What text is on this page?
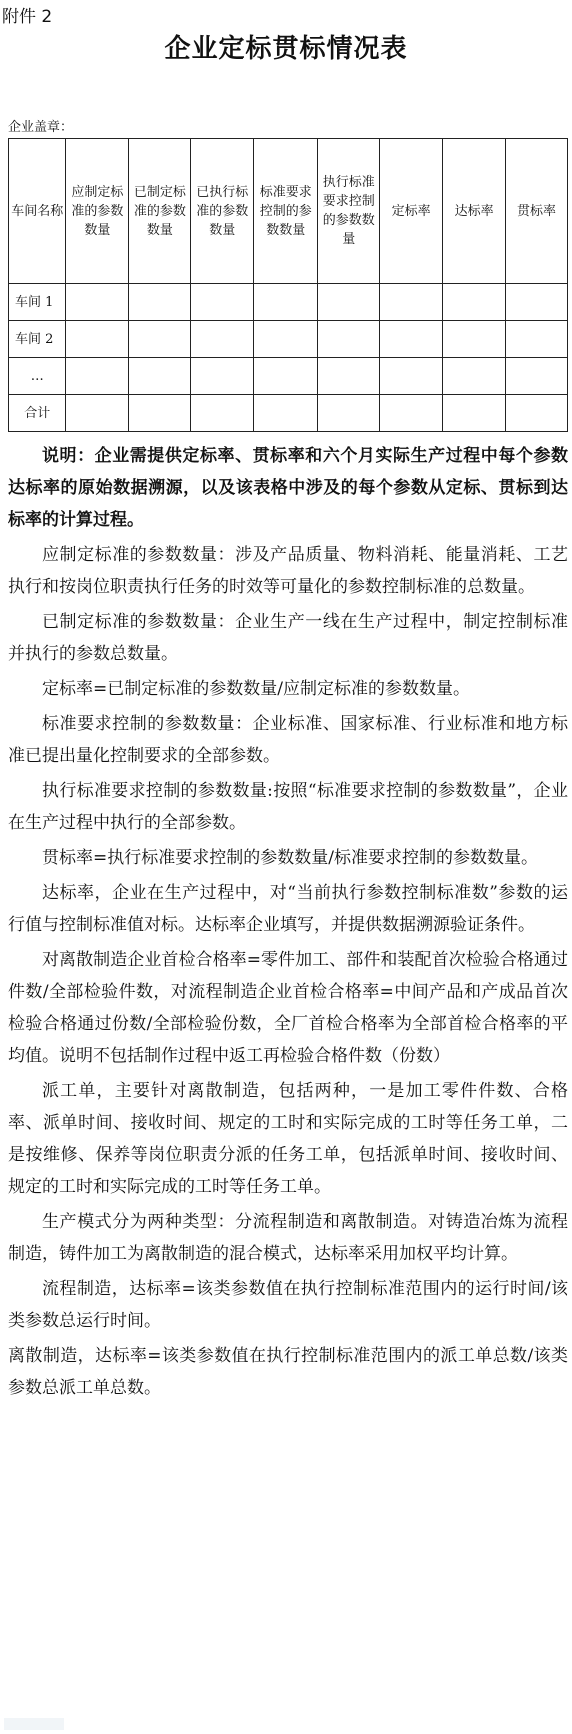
附件 2
企业定标贯标情况表
企业盖章：
车间名称	应制定标准的参数数量	已制定标准的参数数量	已执行标准的参数数量	标准要求控制的参数数量	执行标准要求控制的参数数量	定标率	达标率	贯标率

车间 1								
车间 2								
…								
合计								

说明：企业需提供定标率、贯标率和六个月实际生产过程中每个参数达标率的原始数据溯源，以及该表格中涉及的每个参数从定标、贯标到达标率的计算过程。

应制定标准的参数数量：涉及产品质量、物料消耗、能量消耗、工艺执行和按岗位职责执行任务的时效等可量化的参数控制标准的总数量。

已制定标准的参数数量：企业生产一线在生产过程中，制定控制标准并执行的参数总数量。

定标率=已制定标准的参数数量/应制定标准的参数数量。

标准要求控制的参数数量：企业标准、国家标准、行业标准和地方标准已提出量化控制要求的全部参数。

执行标准要求控制的参数数量:按照“标准要求控制的参数数量”，企业在生产过程中执行的全部参数。

贯标率=执行标准要求控制的参数数量/标准要求控制的参数数量。

达标率，企业在生产过程中，对“当前执行参数控制标准数”参数的运行值与控制标准值对标。达标率企业填写，并提供数据溯源验证条件。

对离散制造企业首检合格率=零件加工、部件和装配首次检验合格通过件数/全部检验件数，对流程制造企业首检合格率=中间产品和产成品首次检验合格通过份数/全部检验份数，全厂首检合格率为全部首检合格率的平均值。说明不包括制作过程中返工再检验合格件数（份数）

派工单，主要针对离散制造，包括两种，一是加工零件件数、合格率、派单时间、接收时间、规定的工时和实际完成的工时等任务工单，二是按维修、保养等岗位职责分派的任务工单，包括派单时间、接收时间、规定的工时和实际完成的工时等任务工单。

生产模式分为两种类型：分流程制造和离散制造。对铸造冶炼为流程制造，铸件加工为离散制造的混合模式，达标率采用加权平均计算。

流程制造，达标率=该类参数值在执行控制标准范围内的运行时间/该类参数总运行时间。

离散制造，达标率=该类参数值在执行控制标准范围内的派工单总数/该类参数总派工单总数。
